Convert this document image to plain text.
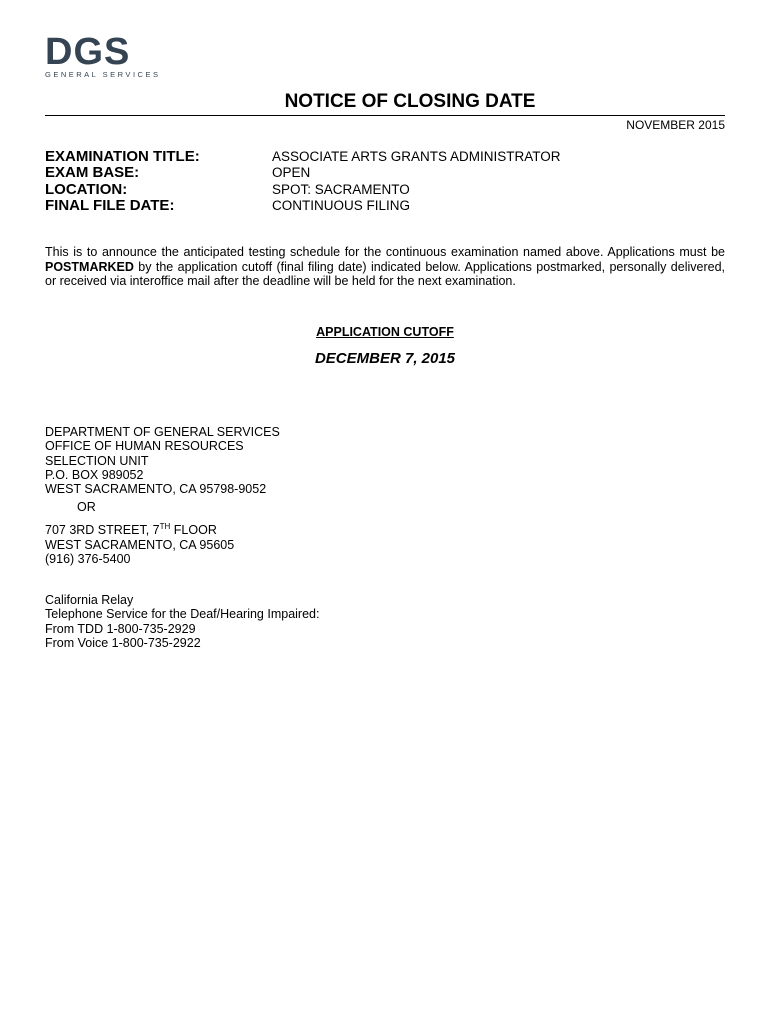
DGS
GENERAL SERVICES
NOTICE OF CLOSING DATE
NOVEMBER 2015
EXAMINATION TITLE:	ASSOCIATE ARTS GRANTS ADMINISTRATOR
EXAM BASE:	OPEN
LOCATION:	SPOT: SACRAMENTO
FINAL FILE DATE:	CONTINUOUS FILING
This is to announce the anticipated testing schedule for the continuous examination named above. Applications must be POSTMARKED by the application cutoff (final filing date) indicated below. Applications postmarked, personally delivered, or received via interoffice mail after the deadline will be held for the next examination.
APPLICATION CUTOFF
DECEMBER 7, 2015
DEPARTMENT OF GENERAL SERVICES
OFFICE OF HUMAN RESOURCES
SELECTION UNIT
P.O. BOX 989052
WEST SACRAMENTO, CA 95798-9052
OR
707 3RD STREET, 7TH FLOOR
WEST SACRAMENTO, CA 95605
(916) 376-5400
California Relay
Telephone Service for the Deaf/Hearing Impaired:
From TDD 1-800-735-2929
From Voice 1-800-735-2922
